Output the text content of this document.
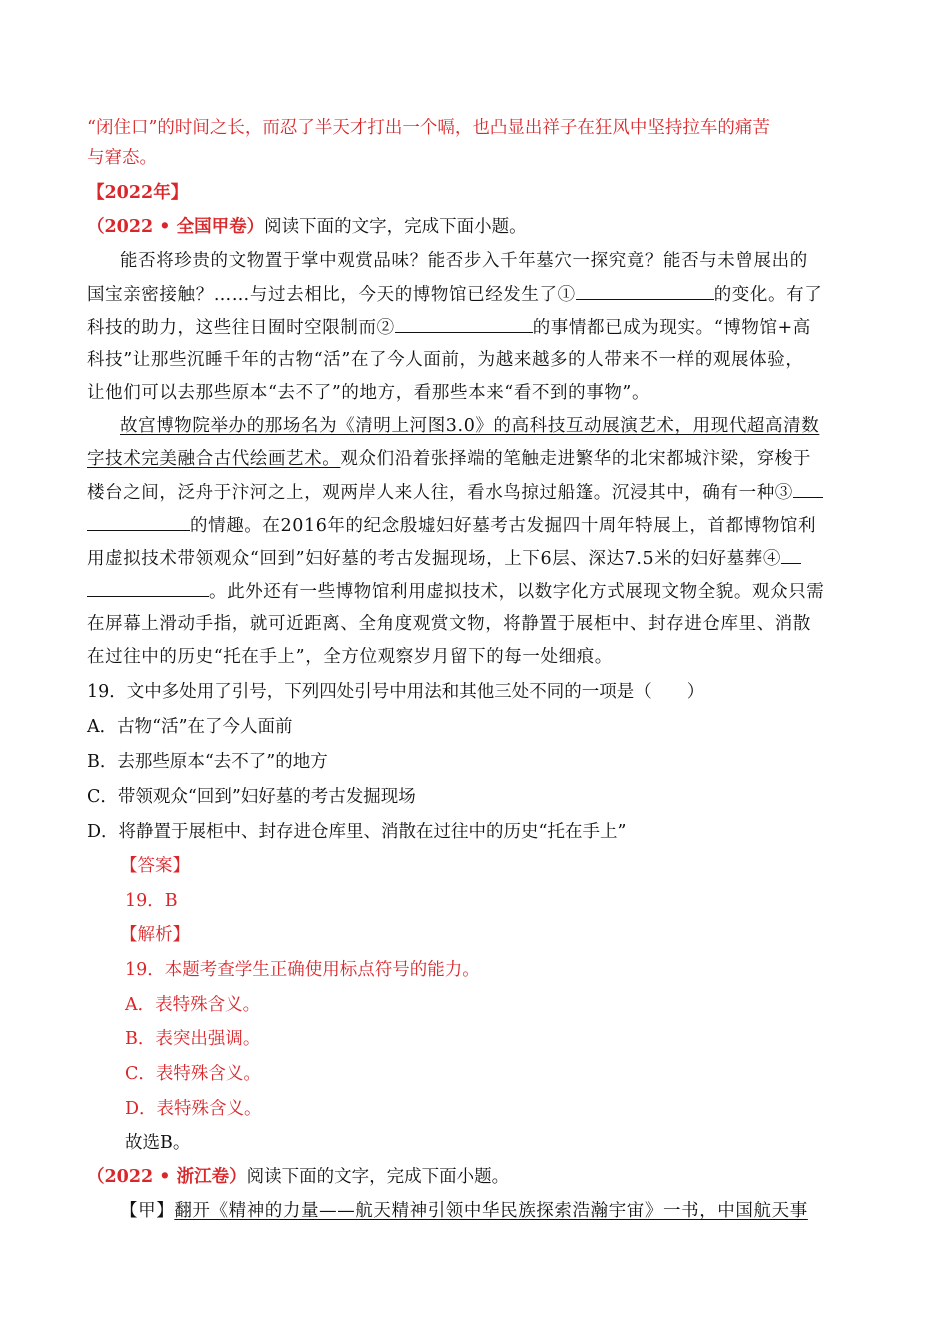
“闭住口”的时间之长，而忍了半天才打出一个嗝，也凸显出祥子在狂风中坚持拉车的痛苦
与窘态。
【2022年】
（2022 • 全国甲卷）阅读下面的文字，完成下面小题。
能否将珍贵的文物置于掌中观赏品味？能否步入千年墓穴一探究竟？能否与未曾展出的
国宝亲密接触？……与过去相比，今天的博物馆已经发生了①	的变化。有了
科技的助力，这些往日囿时空限制而②	的事情都已成为现实。“博物馆+高
科技”让那些沉睡千年的古物“活”在了今人面前，为越来越多的人带来不一样的观展体验，
让他们可以去那些原本“去不了”的地方，看那些本来“看不到的事物”。
故宫博物院举办的那场名为《清明上河图3.0》的高科技互动展演艺术，用现代超高清数
字技术完美融合古代绘画艺术。观众们沿着张择端的笔触走进繁华的北宋都城汴梁，穿梭于
楼台之间，泛舟于汴河之上，观两岸人来人往，看水鸟掠过船篷。沉浸其中，确有一种③
的情趣。在2016年的纪念殷墟妇好墓考古发掘四十周年特展上，首都博物馆利
用虚拟技术带领观众“回到”妇好墓的考古发掘现场，上下6层、深达7.5米的妇好墓葬④
。此外还有一些博物馆利用虚拟技术，以数字化方式展现文物全貌。观众只需
在屏幕上滑动手指，就可近距离、全角度观赏文物，将静置于展柜中、封存进仓库里、消散
在过往中的历史“托在手上”，全方位观察岁月留下的每一处细痕。
19．文中多处用了引号，下列四处引号中用法和其他三处不同的一项是（　　）
A．古物“活”在了今人面前
B．去那些原本“去不了”的地方
C．带领观众“回到”妇好墓的考古发掘现场
D．将静置于展柜中、封存进仓库里、消散在过往中的历史“托在手上”
【答案】
19．B
【解析】
19．本题考查学生正确使用标点符号的能力。
A．表特殊含义。
B．表突出强调。
C．表特殊含义。
D．表特殊含义。
故选B。
（2022 • 浙江卷）阅读下面的文字，完成下面小题。
【甲】翻开《精神的力量——航天精神引领中华民族探索浩瀚宇宙》一书，中国航天事
